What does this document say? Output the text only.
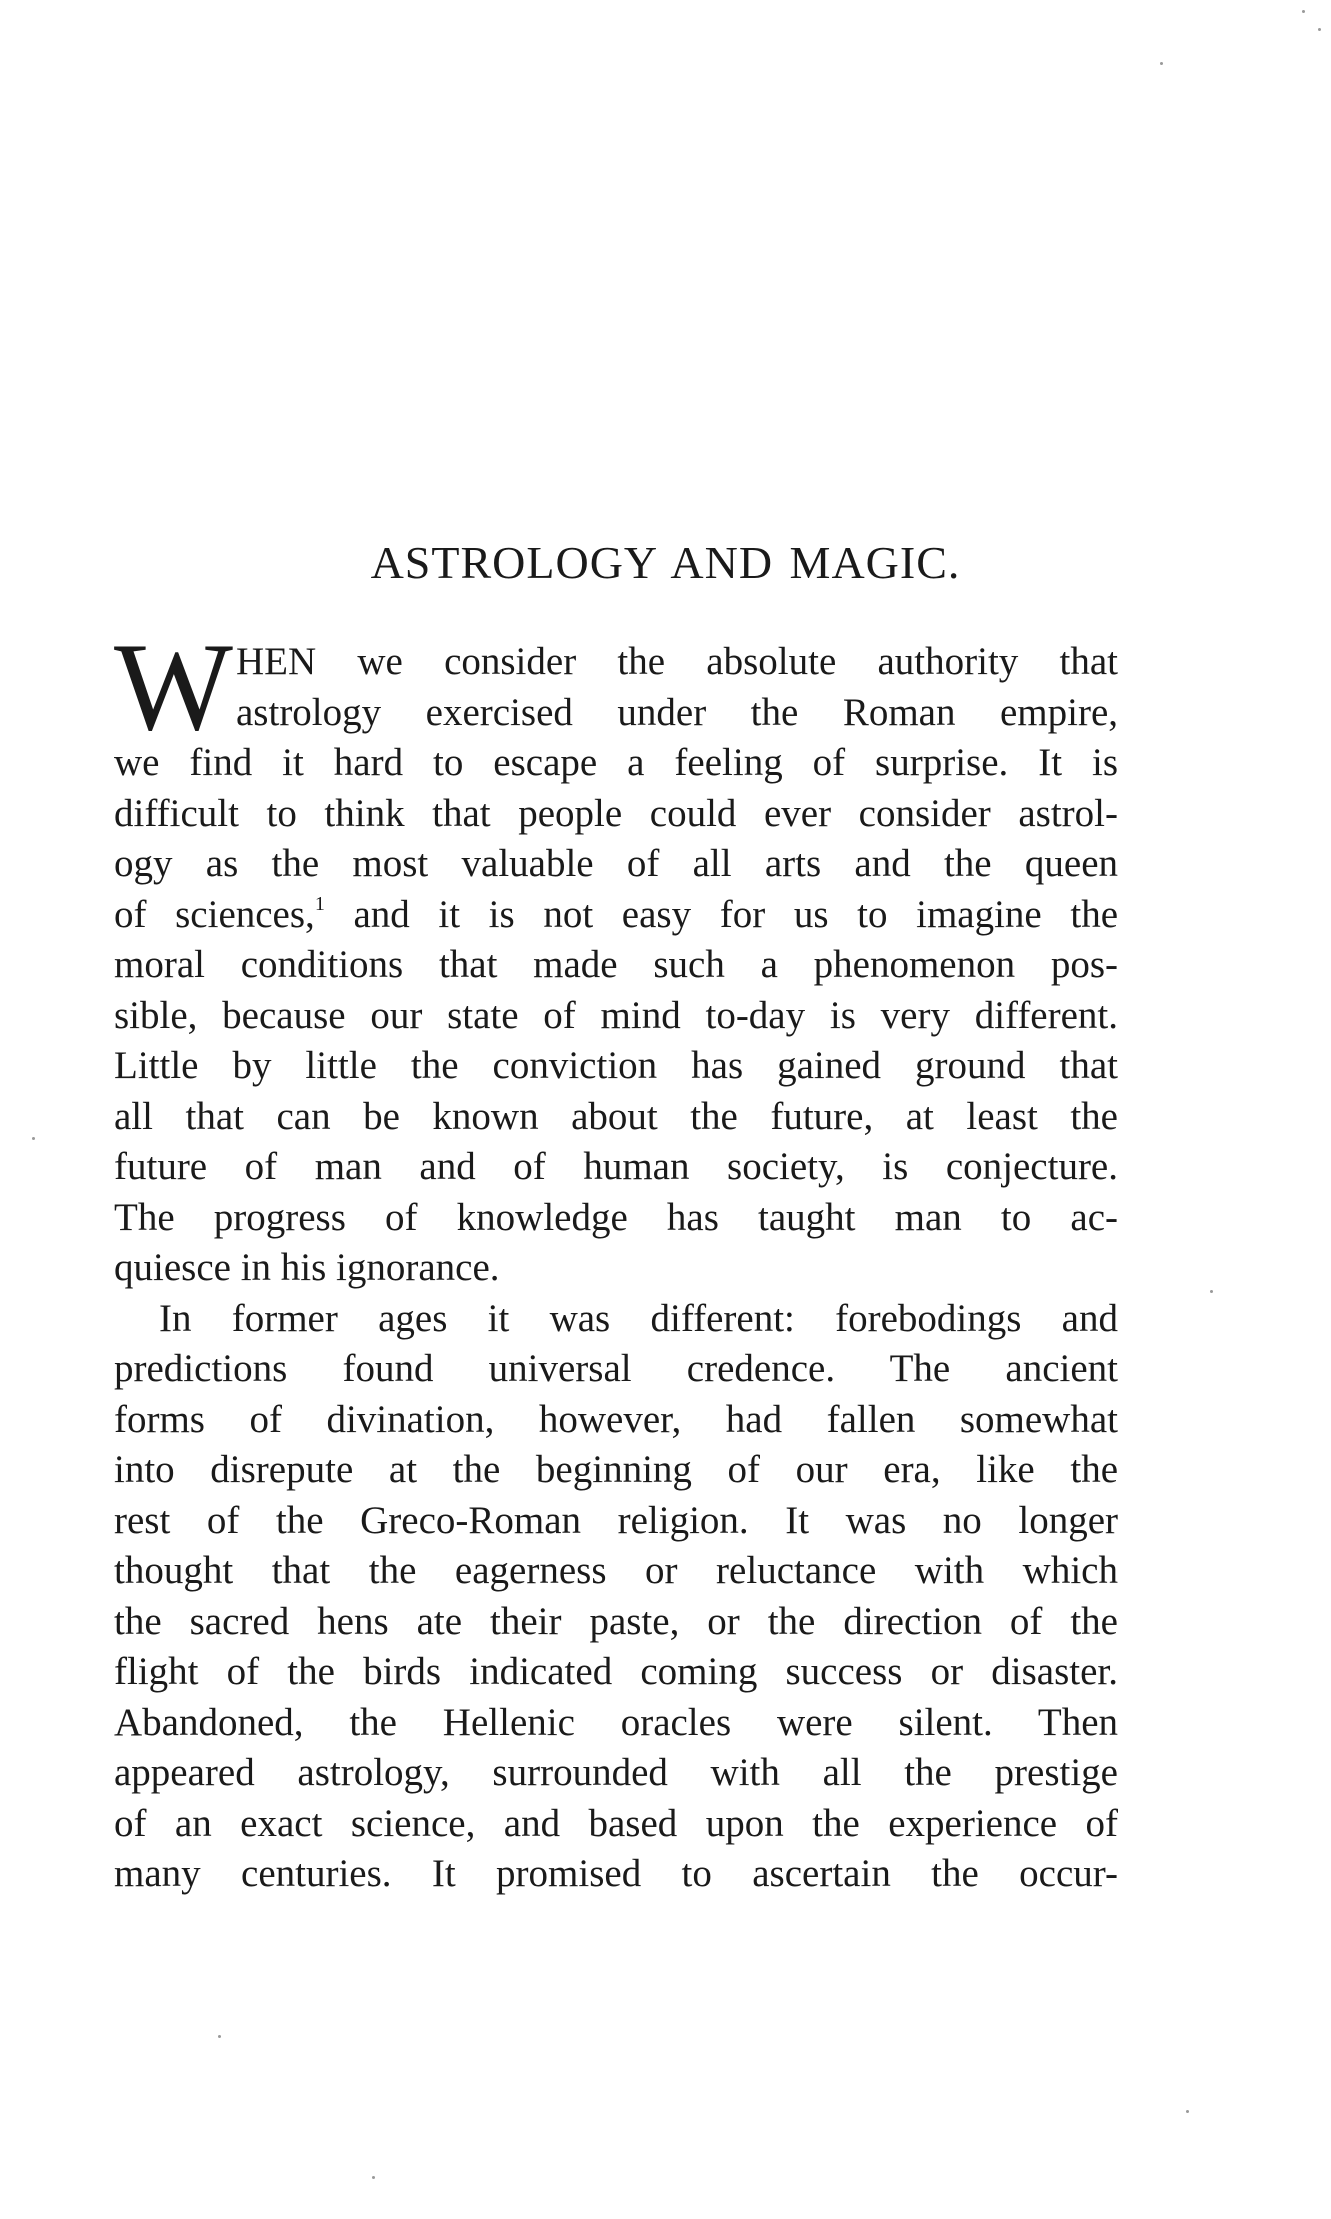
ASTROLOGY AND MAGIC.
W HEN we consider the absolute authority that
astrology exercised under the Roman empire,
we find it hard to escape a feeling of surprise. It is
difficult to think that people could ever consider astrol-
ogy as the most valuable of all arts and the queen
of sciences,$^1$ and it is not easy for us to imagine the
moral conditions that made such a phenomenon pos-
sible, because our state of mind to-day is very different.
Little by little the conviction has gained ground that
all that can be known about the future, at least the
future of man and of human society, is conjecture.
The progress of knowledge has taught man to ac-
quiesce in his ignorance.
In former ages it was different: forebodings and
predictions found universal credence. The ancient
forms of divination, however, had fallen somewhat
into disrepute at the beginning of our era, like the
rest of the Greco-Roman religion. It was no longer
thought that the eagerness or reluctance with which
the sacred hens ate their paste, or the direction of the
flight of the birds indicated coming success or disaster.
Abandoned, the Hellenic oracles were silent. Then
appeared astrology, surrounded with all the prestige
of an exact science, and based upon the experience of
many centuries. It promised to ascertain the occur-
